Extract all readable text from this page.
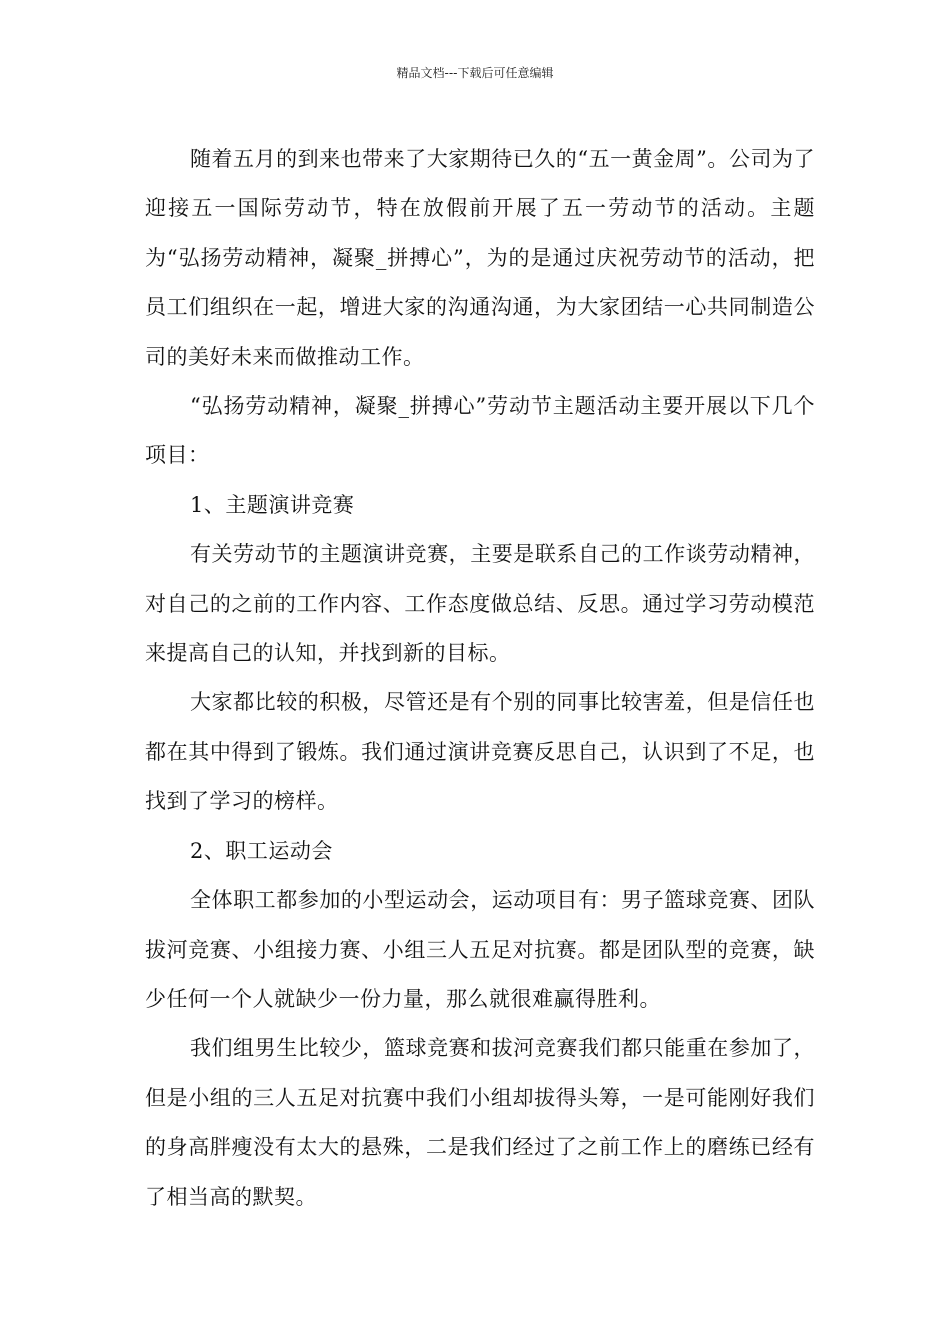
精品文档---下载后可任意编辑

随着五月的到来也带来了大家期待已久的“五一黄金周”。公司为了迎接五一国际劳动节，特在放假前开展了五一劳动节的活动。主题为“弘扬劳动精神，凝聚_拼搏心”，为的是通过庆祝劳动节的活动，把员工们组织在一起，增进大家的沟通沟通，为大家团结一心共同制造公司的美好未来而做推动工作。

“弘扬劳动精神，凝聚_拼搏心”劳动节主题活动主要开展以下几个项目：

1、主题演讲竞赛

有关劳动节的主题演讲竞赛，主要是联系自己的工作谈劳动精神，对自己的之前的工作内容、工作态度做总结、反思。通过学习劳动模范来提高自己的认知，并找到新的目标。

大家都比较的积极，尽管还是有个别的同事比较害羞，但是信任也都在其中得到了锻炼。我们通过演讲竞赛反思自己，认识到了不足，也找到了学习的榜样。

2、职工运动会

全体职工都参加的小型运动会，运动项目有：男子篮球竞赛、团队拔河竞赛、小组接力赛、小组三人五足对抗赛。都是团队型的竞赛，缺少任何一个人就缺少一份力量，那么就很难赢得胜利。

我们组男生比较少，篮球竞赛和拔河竞赛我们都只能重在参加了，但是小组的三人五足对抗赛中我们小组却拔得头筹，一是可能刚好我们的身高胖瘦没有太大的悬殊，二是我们经过了之前工作上的磨练已经有了相当高的默契。
